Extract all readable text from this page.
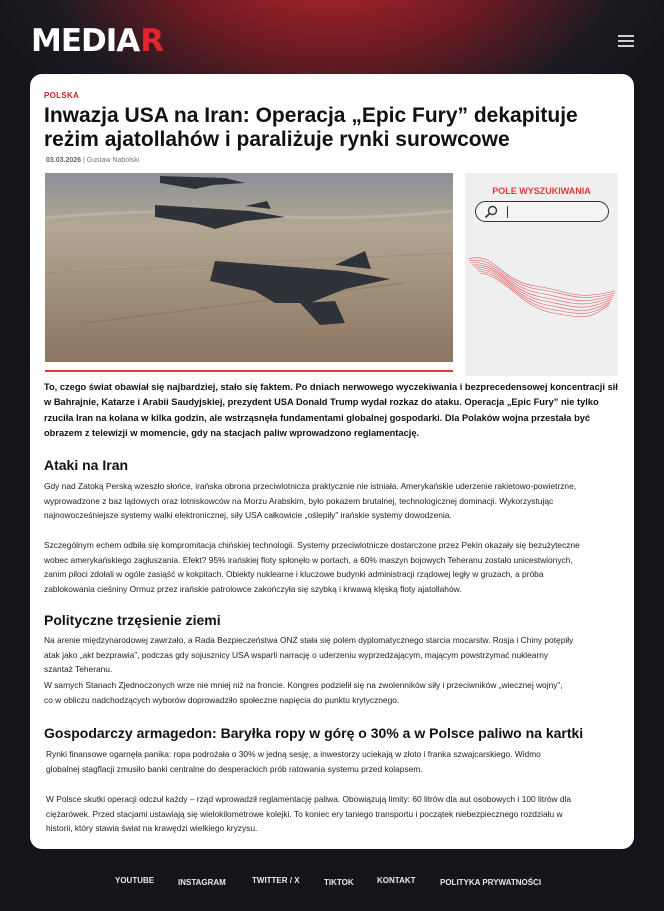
MEDIA R
POLSKA
Inwazja USA na Iran: Operacja „Epic Fury” dekapituje reżim ajatollahów i paraliżuje rynki surowcowe
03.03.2026 | Gustaw Nabolski
POLE WYSZUKIWANIA

To, czego świat obawiał się najbardziej, stało się faktem. Po dniach nerwowego wyczekiwania i bezprecedensowej koncentracji sił w Bahrajnie, Katarze i Arabii Saudyjskiej, prezydent USA Donald Trump wydał rozkaz do ataku. Operacja „Epic Fury” nie tylko rzuciła Iran na kolana w kilka godzin, ale wstrząsnęła fundamentami globalnej gospodarki. Dla Polaków wojna przestała być obrazem z telewizji w momencie, gdy na stacjach paliw wprowadzono reglamentację.

Ataki na Iran

Gdy nad Zatoką Perską wzeszło słońce, irańska obrona przeciwlotnicza praktycznie nie istniała. Amerykańskie uderzenie rakietowo-powietrzne, wyprowadzone z baz lądowych oraz lotniskowców na Morzu Arabskim, było pokazem brutalnej, technologicznej dominacji. Wykorzystując najnowocześniejsze systemy walki elektronicznej, siły USA całkowicie „oślepiły” irańskie systemy dowodzenia.

Szczególnym echem odbiła się kompromitacja chińskiej technologii. Systemy przeciwlotnicze dostarczone przez Pekin okazały się bezużyteczne wobec amerykańskiego zagłuszania. Efekt? 95% irańskiej floty spłonęło w portach, a 60% maszyn bojowych Teheranu zostało unicestwionych, zanim piloci zdołali w ogóle zasiąść w kokpitach. Obiekty nuklearne i kluczowe budynki administracji rządowej legły w gruzach, a próba zablokowania cieśniny Ormuz przez irańskie patrolowce zakończyła się szybką i krwawą klęską floty ajatollahów.

Polityczne trzęsienie ziemi

Na arenie międzynarodowej zawrzało, a Rada Bezpieczeństwa ONZ stała się polem dyplomatycznego starcia mocarstw. Rosja i Chiny potępiły atak jako „akt bezprawia”, podczas gdy sojusznicy USA wsparli narrację o uderzeniu wyprzedzającym, mającym powstrzymać nuklearny szantaż Teheranu.

W samych Stanach Zjednoczonych wrze nie mniej niż na froncie. Kongres podzielił się na zwolenników siły i przeciwników „wiecznej wojny”, co w obliczu nadchodzących wyborów doprowadziło społeczne napięcia do punktu krytycznego.

Gospodarczy armagedon: Baryłka ropy w górę o 30% a w Polsce paliwo na kartki

Rynki finansowe ogarnęła panika: ropa podrożała o 30% w jedną sesję, a inwestorzy uciekają w złoto i franka szwajcarskiego. Widmo globalnej stagflacji zmusiło banki centralne do desperackich prób ratowania systemu przed kolapsem.

W Polsce skutki operacji odczuł każdy – rząd wprowadził reglamentację paliwa. Obowiązują limity: 60 litrów dla aut osobowych i 100 litrów dla ciężarówek. Przed stacjami ustawiają się wielokilometrowe kolejki. To koniec ery taniego transportu i początek niebezpiecznego rozdziału w historii, który stawia świat na krawędzi wielkiego kryzysu.

YOUTUBE	INSTAGRAM	TWITTER / X	TIKTOK	KONTAKT	POLITYKA PRYWATNOŚCI
